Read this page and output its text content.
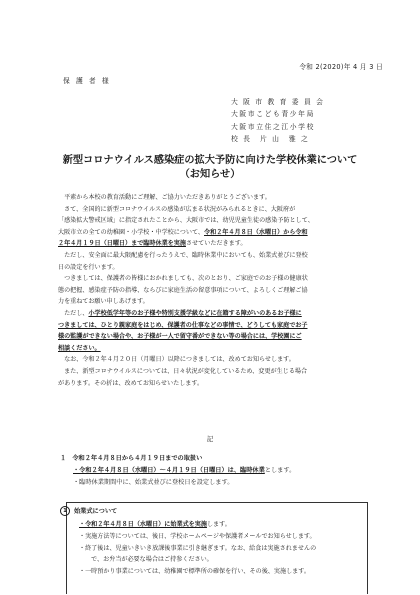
令和 2(2020)年 4 月 3 日
保 護 者 様
大 阪 市 教 育 委 員 会
大阪市こども青少年局
大阪市立住之江小学校
校 長　片 山　雅 之
新型コロナウイルス感染症の拡大予防に向けた学校休業について
（お知らせ）

　平素から本校の教育活動にご理解、ご協力いただきありがとうございます。

　さて、全国的に新型コロナウイルスの感染が広まる状況がみられるときに、大阪府が

「感染拡大警戒区域」に指定されたことから、大阪市では、幼児児童生徒の感染予防として、

大阪市立の全ての幼稚園・小学校・中学校について、令和２年４月８日（水曜日）から令和

２年４月１９日（日曜日）まで臨時休業を実施させていただきます。

　ただし、安全面に最大限配慮を行ったうえで、臨時休業中においても、始業式並びに登校

日の設定を行います。

　つきましては、保護者の皆様におかれましても、次のとおり、ご家庭でのお子様の健康状

態の把握、感染症予防の指導、ならびに家庭生活の留意事項について、よろしくご理解ご協

力を重ねてお願い申しあげます。

　ただし、小学校低学年等のお子様や特別支援学級などに在籍する障がいのあるお子様に

つきましては、ひとり親家庭をはじめ、保護者の仕事などの事情で、どうしても家庭でお子

様の監護ができない場合や、お子様が一人で留守番ができない等の場合には、学校園にご

相談ください。

　なお、令和２年４月２０日（月曜日）以降につきましては、改めてお知らせします。

　また、新型コロナウイルスについては、日々状況が変化しているため、変更が生じる場合

があります。その折は、改めてお知らせいたします。

記
１　令和２年４月８日から４月１９日までの取扱い
・令和２年４月８日（水曜日）～４月１９日（日曜日）は、臨時休業とします。
・臨時休業期間中に、始業式並びに登校日を設定します。
1 始業式について
・令和２年４月８日（水曜日）に始業式を実施します。
・実施方法等については、後日、学校ホームページや保護者メールでお知らせします。
・終了後は、児童いきいき放課後事業に引き継ぎます。なお、給食は実施されませんの
で、お弁当が必要な場合はご持参ください。
・一時預かり事業については、幼稚園で標準所の確保を行い、その後、実施します。
